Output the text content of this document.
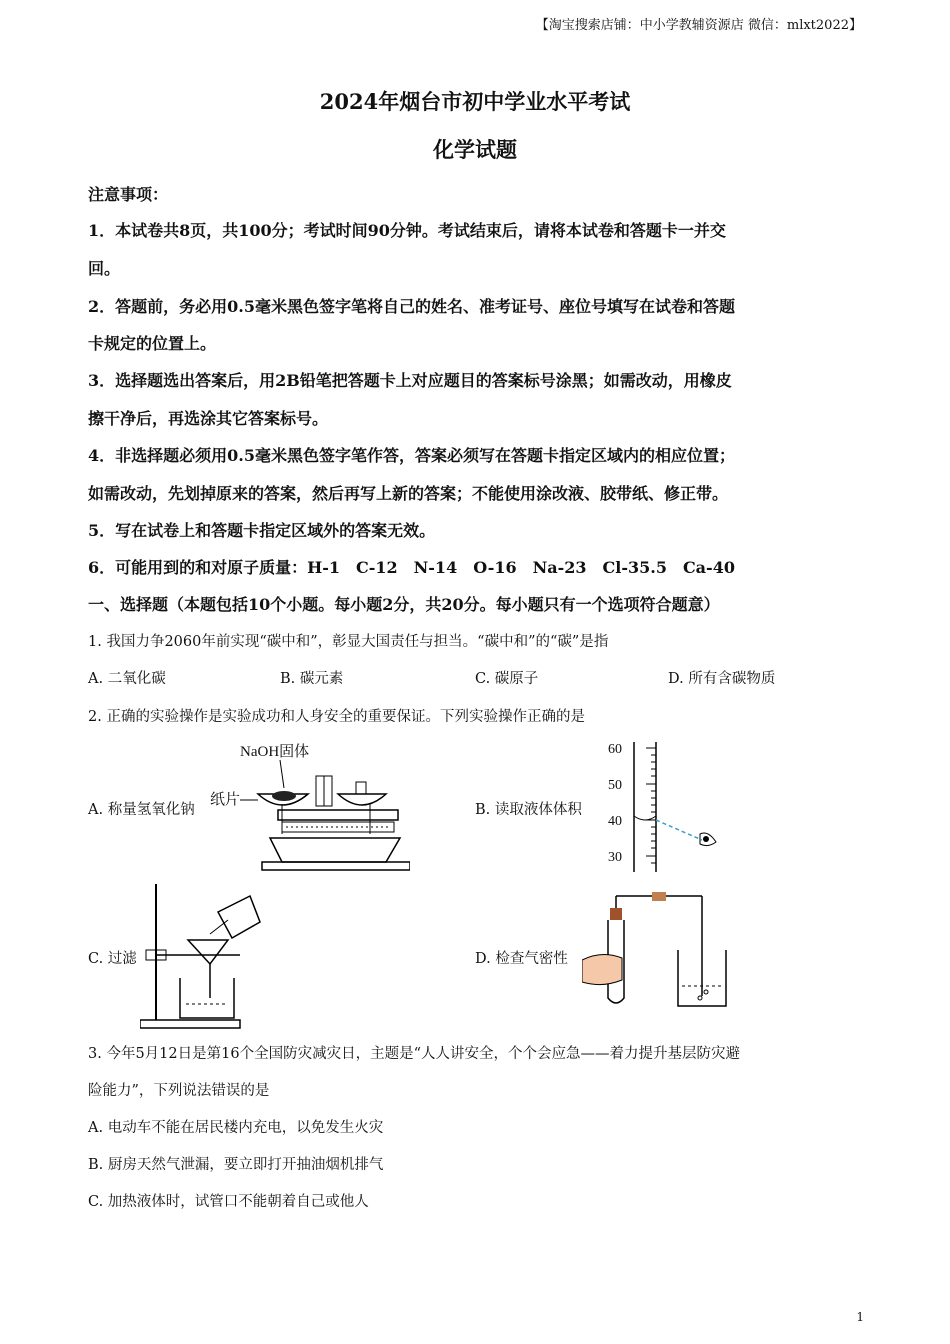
【淘宝搜索店铺：中小学教辅资源店 微信：mlxt2022】
2024年烟台市初中学业水平考试
化学试题
注意事项：
1．本试卷共8页，共100分；考试时间90分钟。考试结束后，请将本试卷和答题卡一并交
回。
2．答题前，务必用0.5毫米黑色签字笔将自己的姓名、准考证号、座位号填写在试卷和答题
卡规定的位置上。
3．选择题选出答案后，用2B铅笔把答题卡上对应题目的答案标号涂黑；如需改动，用橡皮
擦干净后，再选涂其它答案标号。
4．非选择题必须用0.5毫米黑色签字笔作答，答案必须写在答题卡指定区域内的相应位置；
如需改动，先划掉原来的答案，然后再写上新的答案；不能使用涂改液、胶带纸、修正带。
5．写在试卷上和答题卡指定区域外的答案无效。
6．可能用到的和对原子质量：H-1　C-12　N-14　O-16　Na-23　Cl-35.5　Ca-40
一、选择题（本题包括10个小题。每小题2分，共20分。每小题只有一个选项符合题意）
1. 我国力争2060年前实现“碳中和”，彰显大国责任与担当。“碳中和”的“碳”是指
A. 二氧化碳	B. 碳元素	C. 碳原子	D. 所有含碳物质
2. 正确的实验操作是实验成功和人身安全的重要保证。下列实验操作正确的是
A. 称量氢氧化钠	B. 读取液体体积
C. 过滤	D. 检查气密性
NaOH固体
纸片
60
50
40
30
3. 今年5月12日是第16个全国防灾减灾日，主题是“人人讲安全，个个会应急——着力提升基层防灾避
险能力”，下列说法错误的是
A. 电动车不能在居民楼内充电，以免发生火灾
B. 厨房天然气泄漏，要立即打开抽油烟机排气
C. 加热液体时，试管口不能朝着自己或他人
1
